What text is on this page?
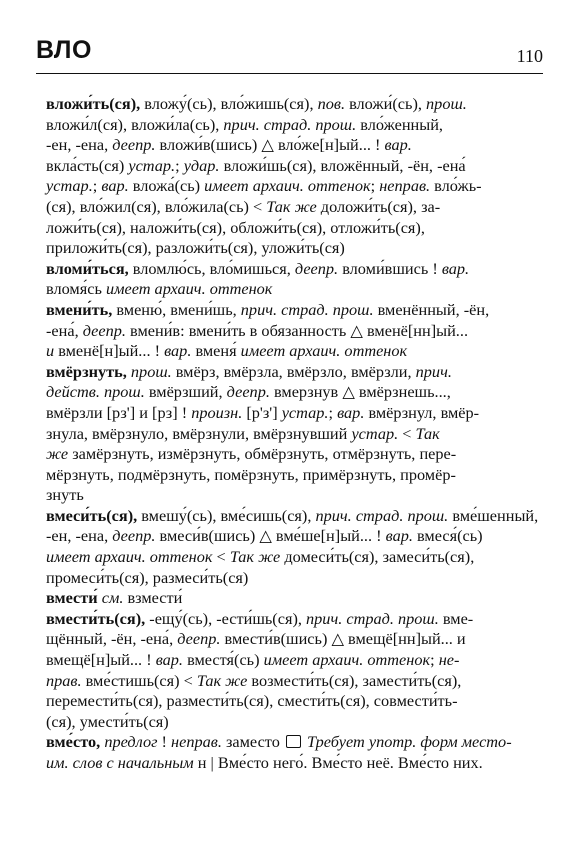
ВЛО	110
вложи́ть(ся), вложу́(сь), вло́жишь(ся), пов. вложи́(сь), прош.
вложи́л(ся), вложи́ла(сь), прич. страд. прош. вло́женный,
-ен, -ена, деепр. вложи́в(шись) △ вло́же[н]ый... ! вар.
вкла́сть(ся) устар.; удар. вложи́шь(ся), вложённый, -ён, -ена́
устар.; вар. вложа́(сь) имеет архаич. оттенок; неправ. вло́жь-
(ся), вло́жил(ся), вло́жила(сь) < Так же доложи́ть(ся), за-
ложи́ть(ся), наложи́ть(ся), обложи́ть(ся), отложи́ть(ся),
приложи́ть(ся), разложи́ть(ся), уложи́ть(ся)
вломи́ться, вломлю́сь, вло́мишься, деепр. вломи́вшись ! вар.
вломя́сь имеет архаич. оттенок
вмени́ть, вменю́, вмени́шь, прич. страд. прош. вменённый, -ён,
-ена́, деепр. вмени́в: вмени́ть в обязанность △ вменё[нн]ый...
и вменё[н]ый... ! вар. вменя́ имеет архаич. оттенок
вмёрзнуть, прош. вмёрз, вмёрзла, вмёрзло, вмёрзли, прич.
действ. прош. вмёрзший, деепр. вмерзнув △ вмёрзнешь...,
вмёрзли [рз'] и [рз] ! произн. [р'з'] устар.; вар. вмёрзнул, вмёр-
знула, вмёрзнуло, вмёрзнули, вмёрзнувший устар. < Так
же замёрзнуть, измёрзнуть, обмёрзнуть, отмёрзнуть, пере-
мёрзнуть, подмёрзнуть, помёрзнуть, примёрзнуть, промёр-
знуть
вмеси́ть(ся), вмешу́(сь), вме́сишь(ся), прич. страд. прош. вме́шенный,
-ен, -ена, деепр. вмеси́в(шись) △ вме́ше[н]ый... ! вар. вмеся́(сь)
имеет архаич. оттенок < Так же домеси́ть(ся), замеси́ть(ся),
промеси́ть(ся), размеси́ть(ся)
вмести́ см. взмести́
вмести́ть(ся), -ещу́(сь), -ести́шь(ся), прич. страд. прош. вме-
щённый, -ён, -ена́, деепр. вмести́в(шись) △ вмещё[нн]ый... и
вмещё[н]ый... ! вар. вместя́(сь) имеет архаич. оттенок; не-
прав. вме́стишь(ся) < Так же возмести́ть(ся), замести́ть(ся),
перемести́ть(ся), размести́ть(ся), смести́ть(ся), совмести́ть-
(ся), умести́ть(ся)
вме́сто, предлог ! неправ. заместо  Требует употр. форм место-
им. слов с начальным н | Вме́сто него́. Вме́сто неё. Вме́сто них.
